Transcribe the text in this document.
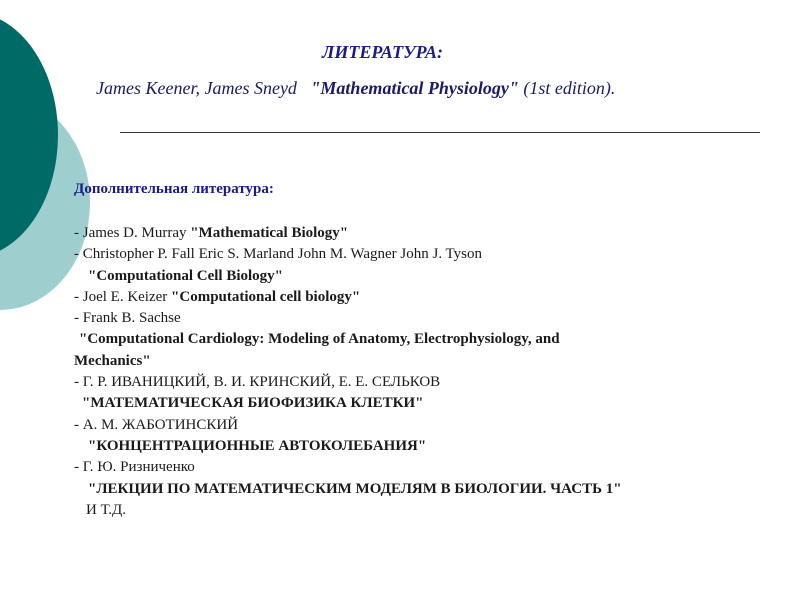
ЛИТЕРАТУРА:
James Keener, James Sneyd "Mathematical Physiology" (1st edition).
Дополнительная литература:
- James D. Murray "Mathematical Biology"
- Christopher P. Fall Eric S. Marland John M. Wagner John J. Tyson
"Computational Cell Biology"
- Joel E. Keizer "Computational cell biology"
- Frank B. Sachse
"Computational Cardiology: Modeling of Anatomy, Electrophysiology, and
Mechanics"
- Г. Р. ИВАНИЦКИЙ, В. И. КРИНСКИЙ, Е. Е. СЕЛЬКОВ
"МАТЕМАТИЧЕСКАЯ БИОФИЗИКА КЛЕТКИ"
- А. М. ЖАБОТИНСКИЙ
"КОНЦЕНТРАЦИОННЫЕ АВТОКОЛЕБАНИЯ"
- Г. Ю. Ризниченко
"ЛЕКЦИИ ПО МАТЕМАТИЧЕСКИМ МОДЕЛЯМ В БИОЛОГИИ. ЧАСТЬ 1"
И Т.Д.
